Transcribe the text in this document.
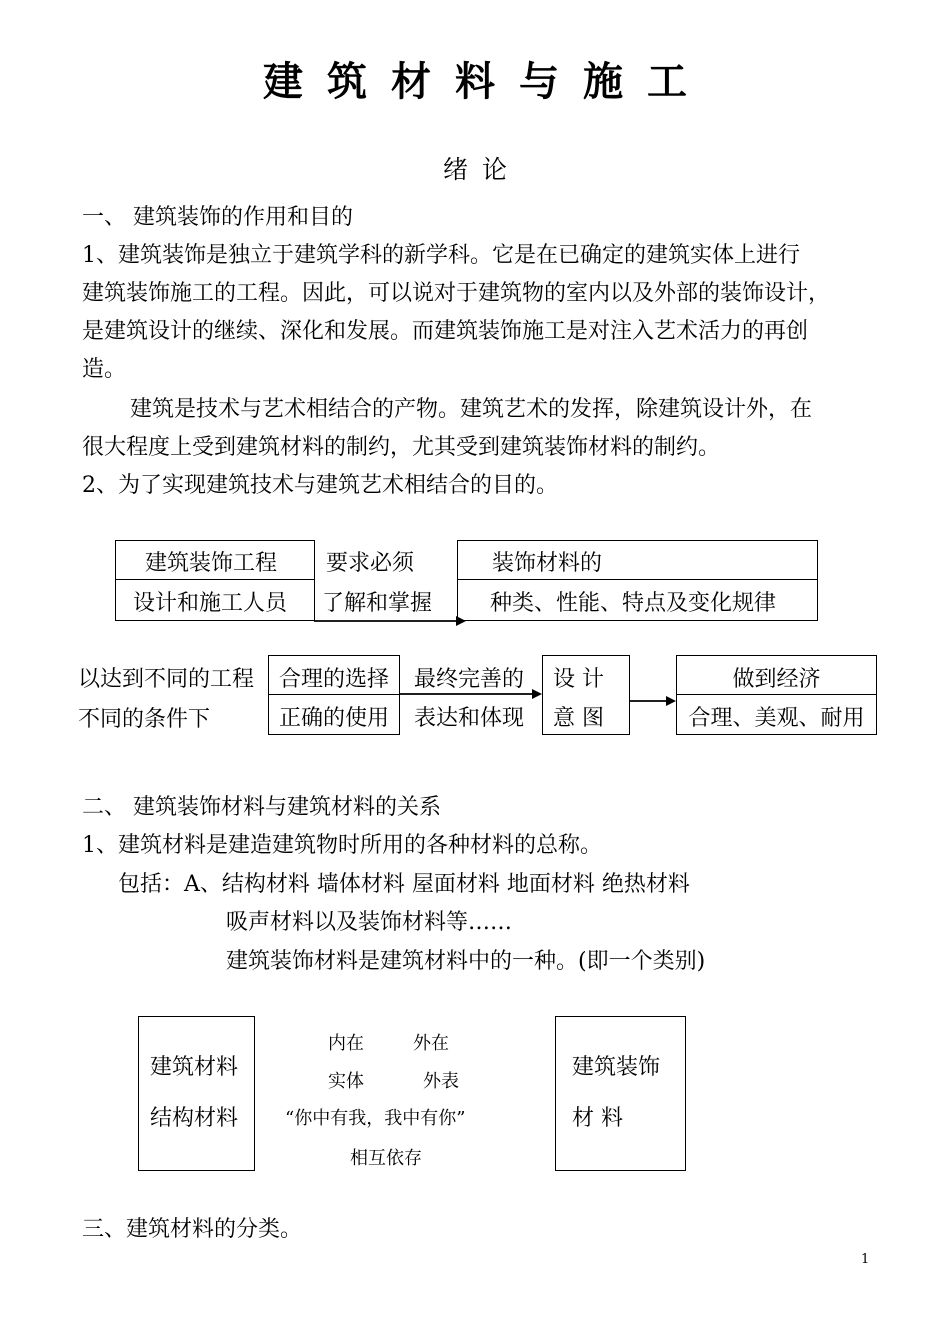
建筑材料与施工
绪论
一、 建筑装饰的作用和目的
1、建筑装饰是独立于建筑学科的新学科。它是在已确定的建筑实体上进行
建筑装饰施工的工程。因此，可以说对于建筑物的室内以及外部的装饰设计，
是建筑设计的继续、深化和发展。而建筑装饰施工是对注入艺术活力的再创
造。
建筑是技术与艺术相结合的产物。建筑艺术的发挥，除建筑设计外，在
很大程度上受到建筑材料的制约，尤其受到建筑装饰材料的制约。
2、为了实现建筑技术与建筑艺术相结合的目的。
建筑装饰工程
设计和施工人员
要求必须
了解和掌握
装饰材料的
种类、性能、特点及变化规律
以达到不同的工程
不同的条件下
合理的选择
正确的使用
最终完善的
表达和体现
设 计
意 图
做到经济
合理、美观、耐用
二、 建筑装饰材料与建筑材料的关系
1、建筑材料是建造建筑物时所用的各种材料的总称。
包括：A、结构材料 墙体材料 屋面材料 地面材料 绝热材料
吸声材料以及装饰材料等……
建筑装饰材料是建筑材料中的一种。(即一个类别)
建筑材料
结构材料
内在	外在
实体	外表
“你中有我，我中有你”
相互依存
建筑装饰
材 料
三、建筑材料的分类。
1
